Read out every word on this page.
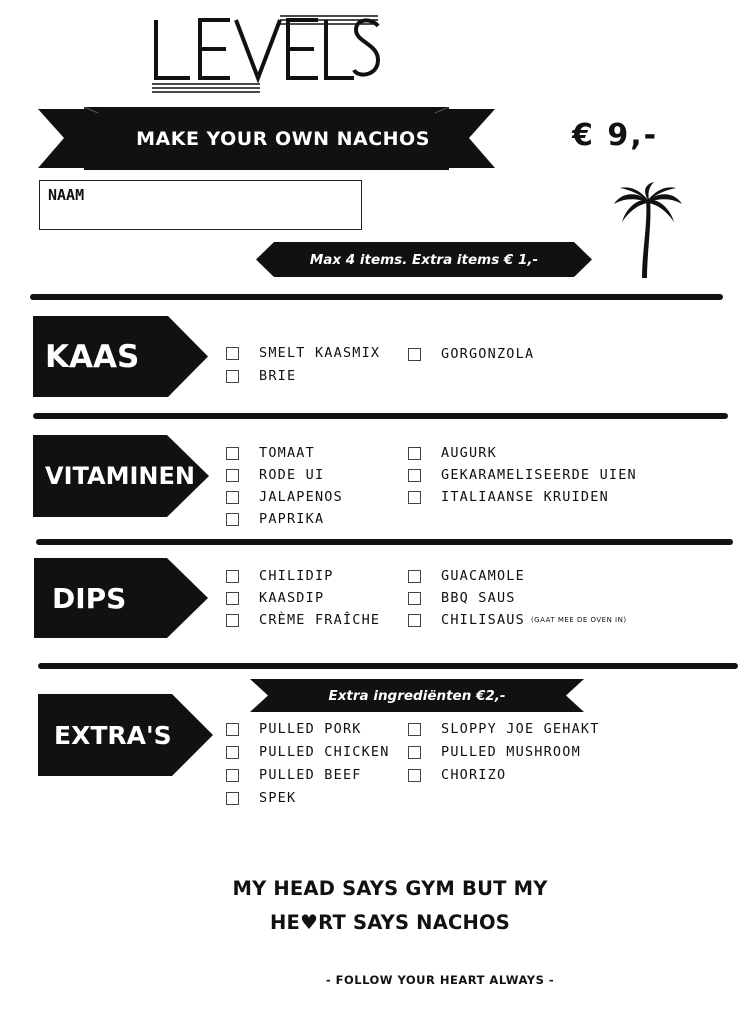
MAKE YOUR OWN NACHOS	€ 9,-
NAAM
Max 4 items. Extra items € 1,-
KAAS	SMELT KAASMIX
BRIE
GORGONZOLA
VITAMINEN
TOMAAT
RODE UI
JALAPENOS
PAPRIKA
AUGURK
GEKARAMELISEERDE UIEN
ITALIAANSE KRUIDEN
DIPS
CHILIDIP
KAASDIP
CRÈME FRAÎCHE
GUACAMOLE
BBQ SAUS
CHILISAUS (GAAT MEE DE OVEN IN)
Extra ingrediënten €2,-
EXTRA'S	PULLED PORK
PULLED CHICKEN
PULLED BEEF
SPEK
SLOPPY JOE GEHAKT
PULLED MUSHROOM
CHORIZO
MY HEAD SAYS GYM BUT MY
HE♥RT SAYS NACHOS
- FOLLOW YOUR HEART ALWAYS -
